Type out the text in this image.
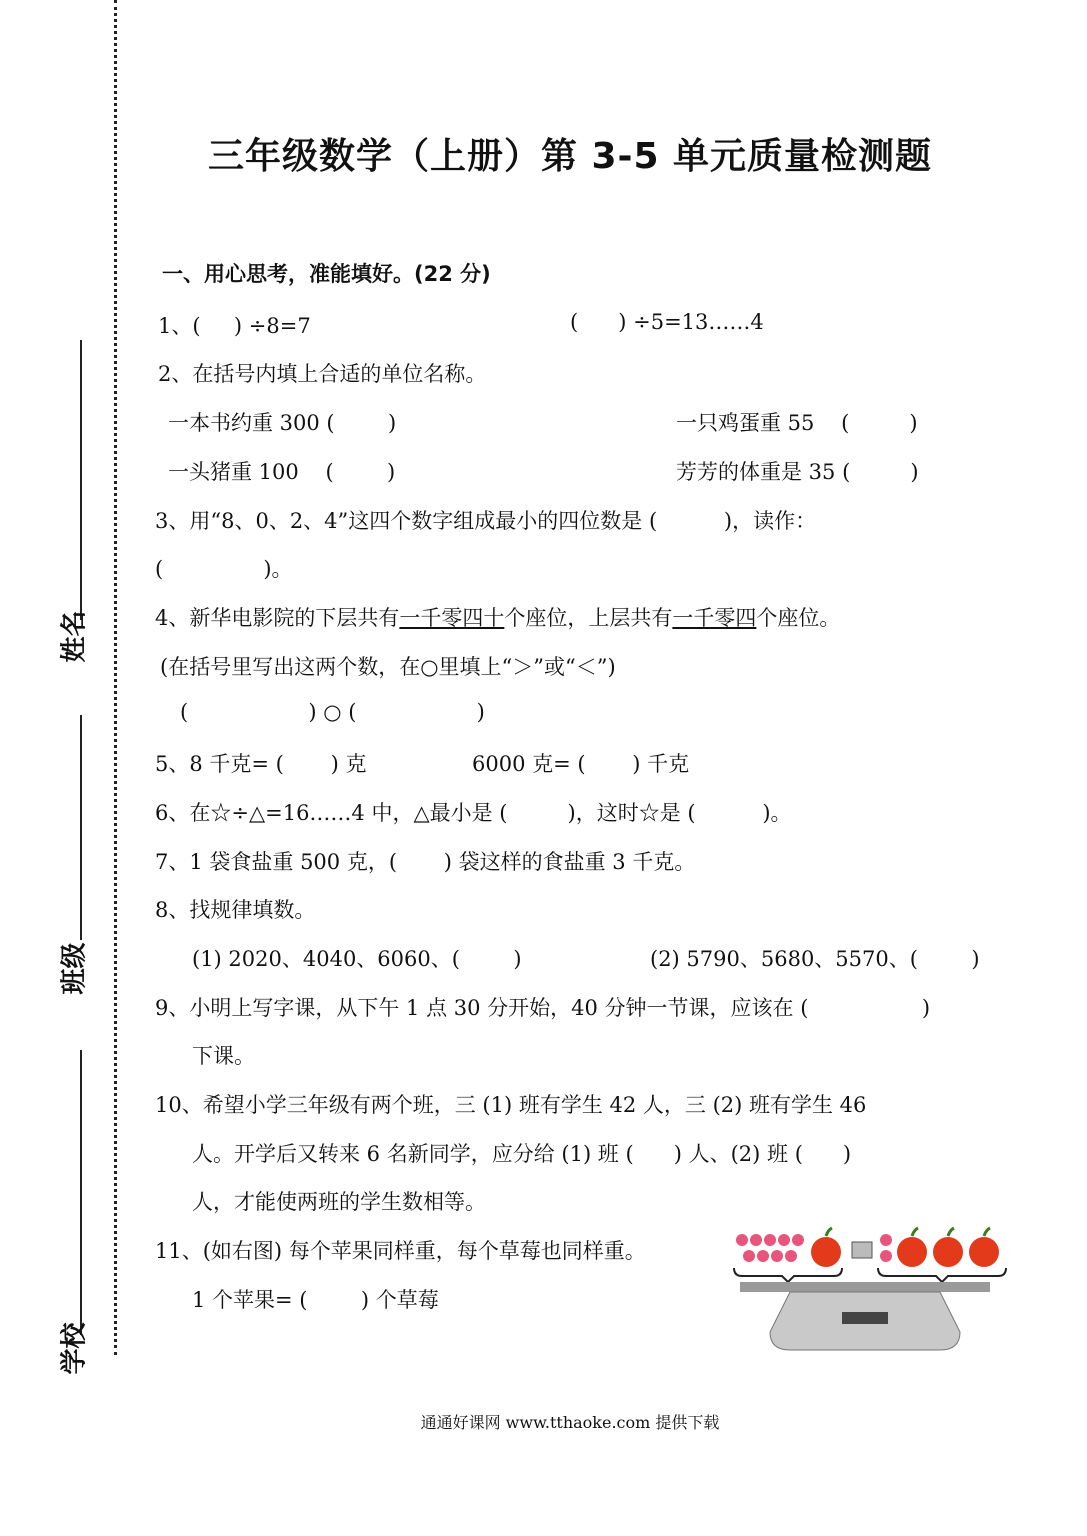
姓名
班级
学校
三年级数学（上册）第 3-5 单元质量检测题
一、用心思考，准能填好。(22 分)
1、(     ) ÷8=7	(      ) ÷5=13……4
2、在括号内填上合适的单位名称。
一本书约重 300 (        )	一只鸡蛋重 55    (         )
一头猪重 100    (        )	芳芳的体重是 35 (         )
3、用“8、0、2、4”这四个数字组成最小的四位数是 (          )，读作：
(               )。
4、新华电影院的下层共有一千零四十个座位，上层共有一千零四个座位。
(在括号里写出这两个数，在○里填上“＞”或“＜”)
(                  ) ○ (                  )
5、8 千克= (       ) 克	6000 克= (       ) 千克
6、在☆÷△=16……4 中，△最小是 (         )，这时☆是 (          )。
7、1 袋食盐重 500 克，(       ) 袋这样的食盐重 3 千克。
8、找规律填数。
(1) 2020、4040、6060、(        )	(2) 5790、5680、5570、(        )
9、小明上写字课，从下午 1 点 30 分开始，40 分钟一节课，应该在 (                 )
下课。
10、希望小学三年级有两个班，三 (1) 班有学生 42 人，三 (2) 班有学生 46
人。开学后又转来 6 名新同学，应分给 (1) 班 (      ) 人、(2) 班 (      )
人，才能使两班的学生数相等。
11、(如右图) 每个苹果同样重，每个草莓也同样重。
1 个苹果= (        ) 个草莓
通通好课网 www.tthaoke.com 提供下载
